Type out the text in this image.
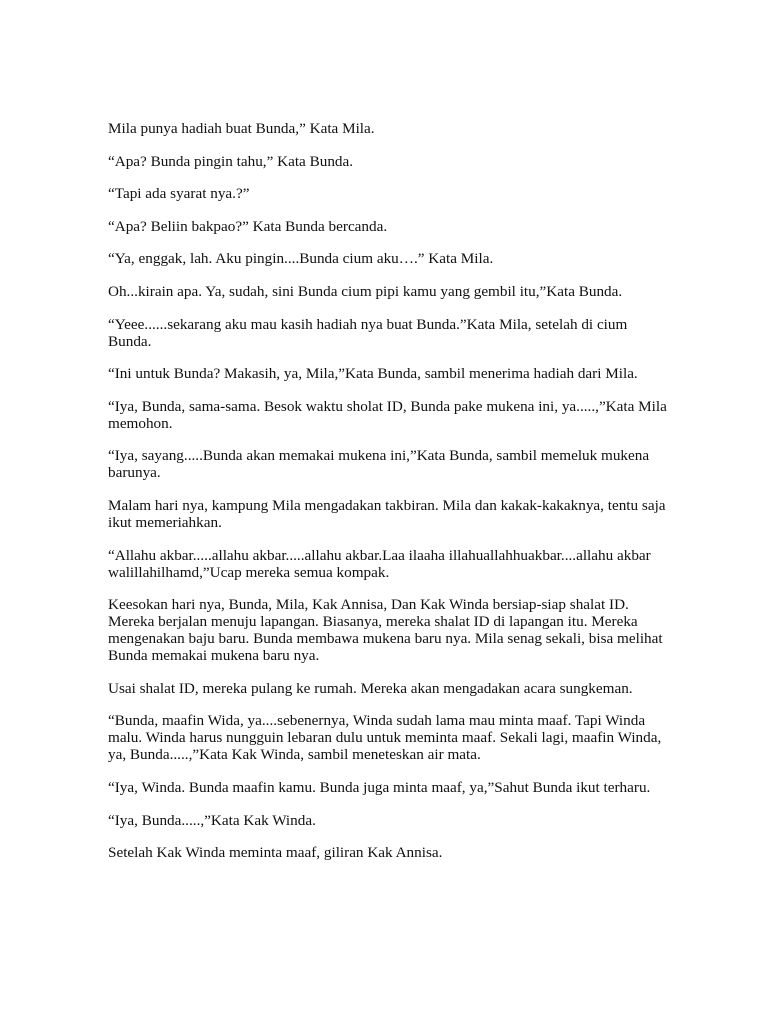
Mila punya hadiah buat Bunda,” Kata Mila.

“Apa? Bunda pingin tahu,” Kata Bunda.

“Tapi ada syarat nya.?”

“Apa? Beliin bakpao?” Kata Bunda bercanda.

“Ya, enggak, lah. Aku pingin....Bunda cium aku….” Kata Mila.

Oh...kirain apa. Ya, sudah, sini Bunda cium pipi kamu yang gembil itu,”Kata Bunda.

“Yeee......sekarang aku mau kasih hadiah nya buat Bunda.”Kata Mila, setelah di cium Bunda.

“Ini untuk Bunda? Makasih, ya, Mila,”Kata Bunda, sambil menerima hadiah dari Mila.

“Iya, Bunda, sama-sama. Besok waktu sholat ID, Bunda pake mukena ini, ya.....,”Kata Mila memohon.

“Iya, sayang.....Bunda akan memakai mukena ini,”Kata Bunda, sambil memeluk mukena barunya.

Malam hari nya, kampung Mila mengadakan takbiran. Mila dan kakak-kakaknya, tentu saja ikut memeriahkan.

“Allahu akbar.....allahu akbar.....allahu akbar.Laa ilaaha illahuallahhuakbar....allahu akbar walillahilhamd,”Ucap mereka semua kompak.

Keesokan hari nya, Bunda, Mila, Kak Annisa, Dan Kak Winda bersiap-siap shalat ID. Mereka berjalan menuju lapangan. Biasanya, mereka shalat ID di lapangan itu. Mereka mengenakan baju baru. Bunda membawa mukena baru nya. Mila senag sekali, bisa melihat Bunda memakai mukena baru nya.

Usai shalat ID, mereka pulang ke rumah. Mereka akan mengadakan acara sungkeman.

“Bunda, maafin Wida, ya....sebenernya, Winda sudah lama mau minta maaf. Tapi Winda malu. Winda harus nungguin lebaran dulu untuk meminta maaf. Sekali lagi, maafin Winda, ya, Bunda.....,”Kata Kak Winda, sambil meneteskan air mata.

“Iya, Winda. Bunda maafin kamu. Bunda juga minta maaf, ya,”Sahut Bunda ikut terharu.

“Iya, Bunda.....,”Kata Kak Winda.

Setelah Kak Winda meminta maaf, giliran Kak Annisa.
